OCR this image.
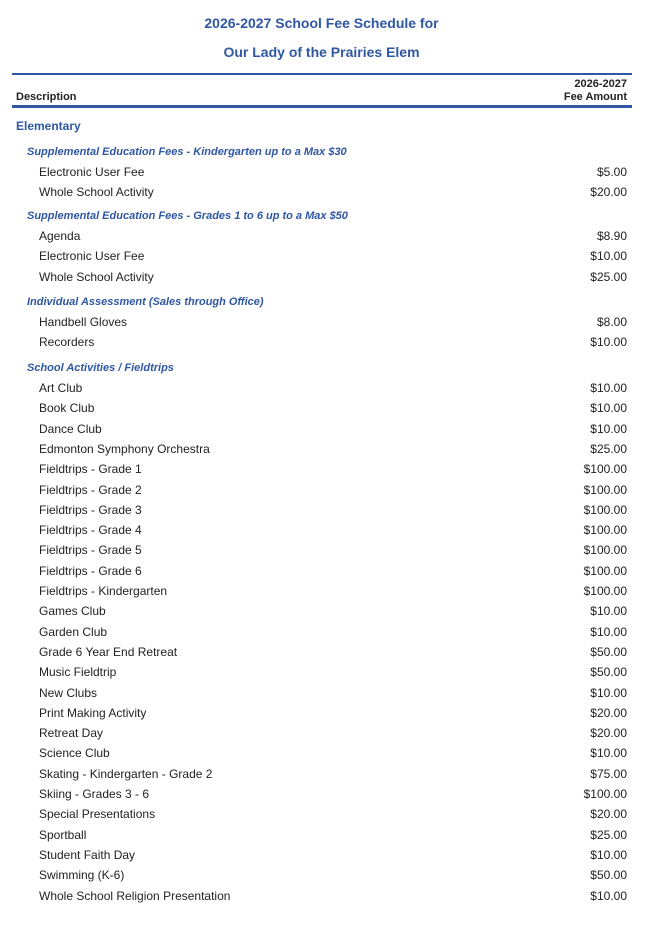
2026-2027 School Fee Schedule for
Our Lady of the Prairies Elem
Description
2026-2027
Fee Amount
Elementary
Supplemental Education Fees - Kindergarten up to a Max $30
Electronic User Fee	$5.00
Whole School Activity	$20.00
Supplemental Education Fees - Grades 1 to 6 up to a Max $50
Agenda	$8.90
Electronic User Fee	$10.00
Whole School Activity	$25.00
Individual Assessment (Sales through Office)
Handbell Gloves	$8.00
Recorders	$10.00
School Activities / Fieldtrips
Art Club	$10.00
Book Club	$10.00
Dance Club	$10.00
Edmonton Symphony Orchestra	$25.00
Fieldtrips - Grade 1	$100.00
Fieldtrips - Grade 2	$100.00
Fieldtrips - Grade 3	$100.00
Fieldtrips - Grade 4	$100.00
Fieldtrips - Grade 5	$100.00
Fieldtrips - Grade 6	$100.00
Fieldtrips - Kindergarten	$100.00
Games Club	$10.00
Garden Club	$10.00
Grade 6 Year End Retreat	$50.00
Music Fieldtrip	$50.00
New Clubs	$10.00
Print Making Activity	$20.00
Retreat Day	$20.00
Science Club	$10.00
Skating - Kindergarten - Grade 2	$75.00
Skiing - Grades 3 - 6	$100.00
Special Presentations	$20.00
Sportball	$25.00
Student Faith Day	$10.00
Swimming (K-6)	$50.00
Whole School Religion Presentation	$10.00
